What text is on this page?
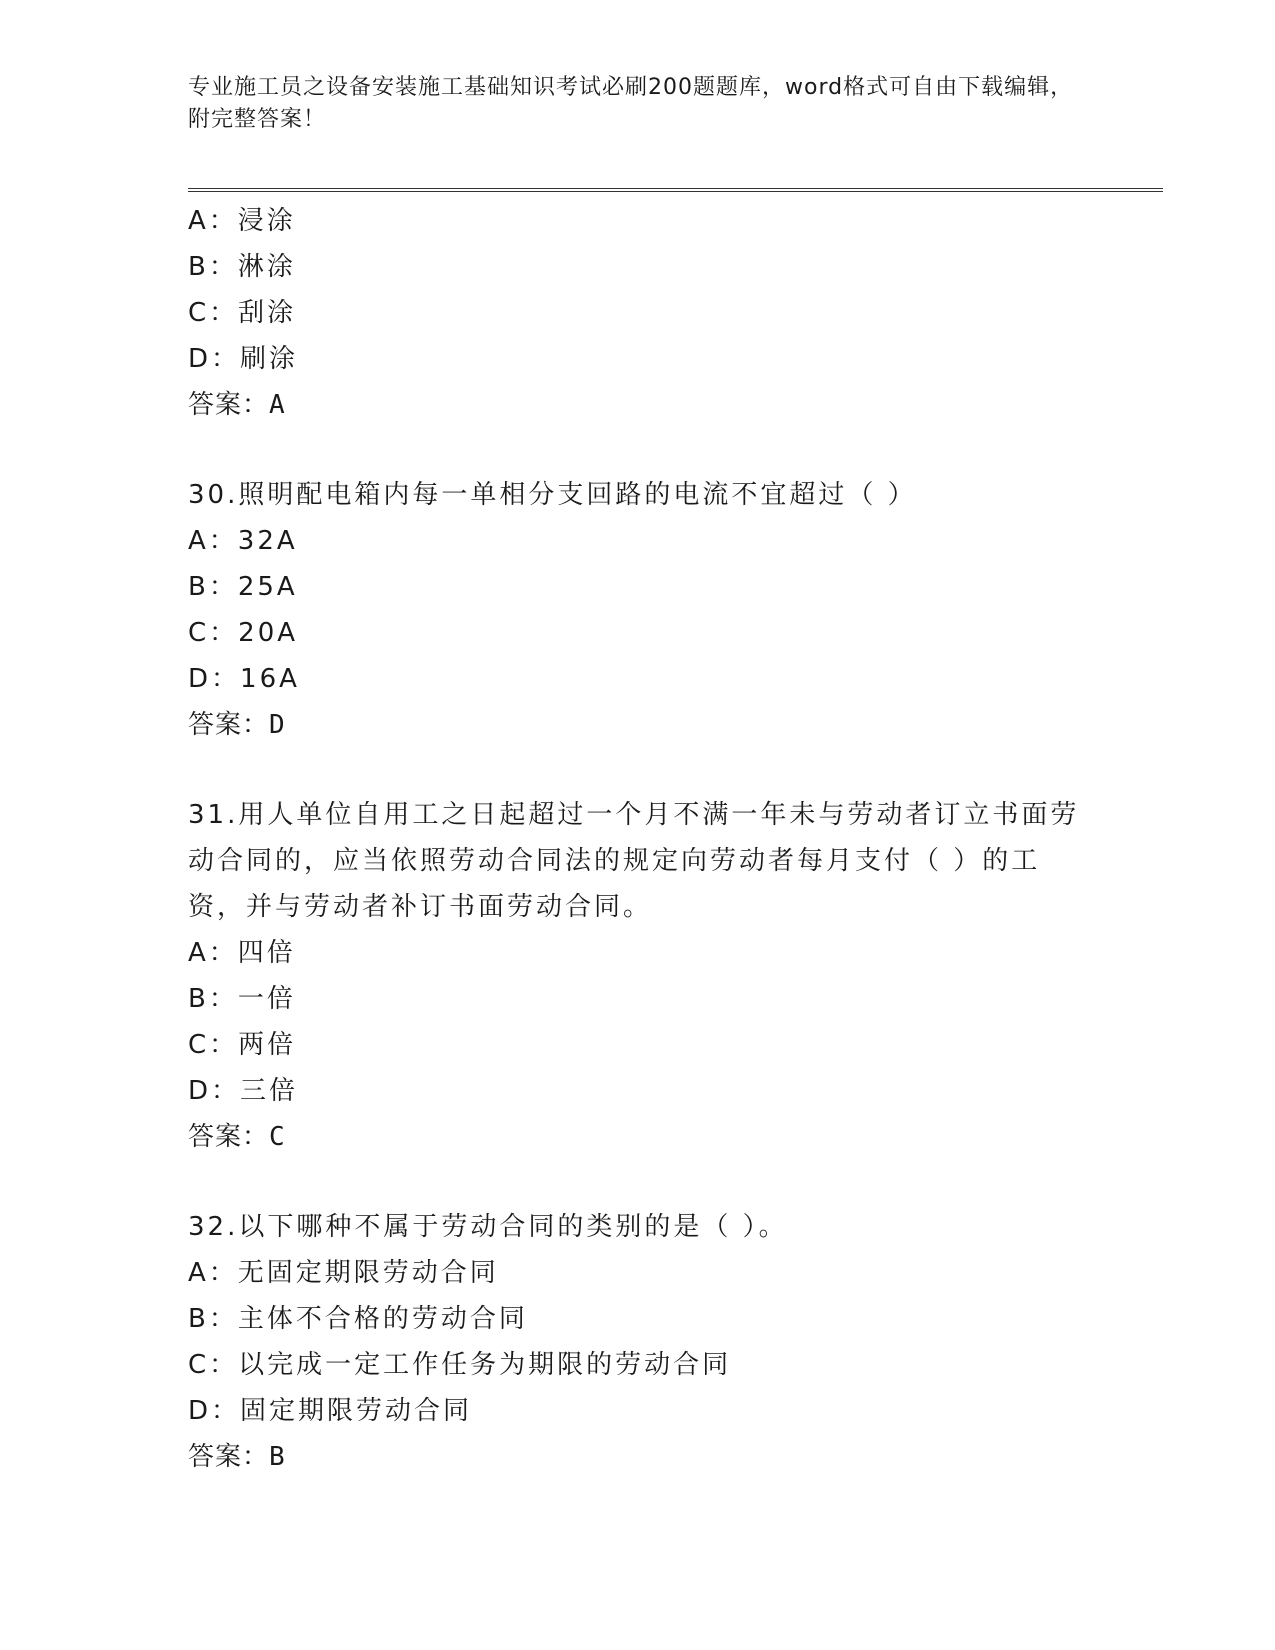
专业施工员之设备安装施工基础知识考试必刷200题题库，word格式可自由下载编辑，附完整答案！

A：浸涂

B：淋涂

C：刮涂

D：刷涂

答案：A

30.照明配电箱内每一单相分支回路的电流不宜超过（ ）

A：32A

B：25A

C：20A

D：16A

答案：D

31.用人单位自用工之日起超过一个月不满一年未与劳动者订立书面劳动合同的，应当依照劳动合同法的规定向劳动者每月支付（ ）的工资，并与劳动者补订书面劳动合同。

A：四倍

B：一倍

C：两倍

D：三倍

答案：C

32.以下哪种不属于劳动合同的类别的是（ ）。

A：无固定期限劳动合同

B：主体不合格的劳动合同

C：以完成一定工作任务为期限的劳动合同

D：固定期限劳动合同

答案：B
